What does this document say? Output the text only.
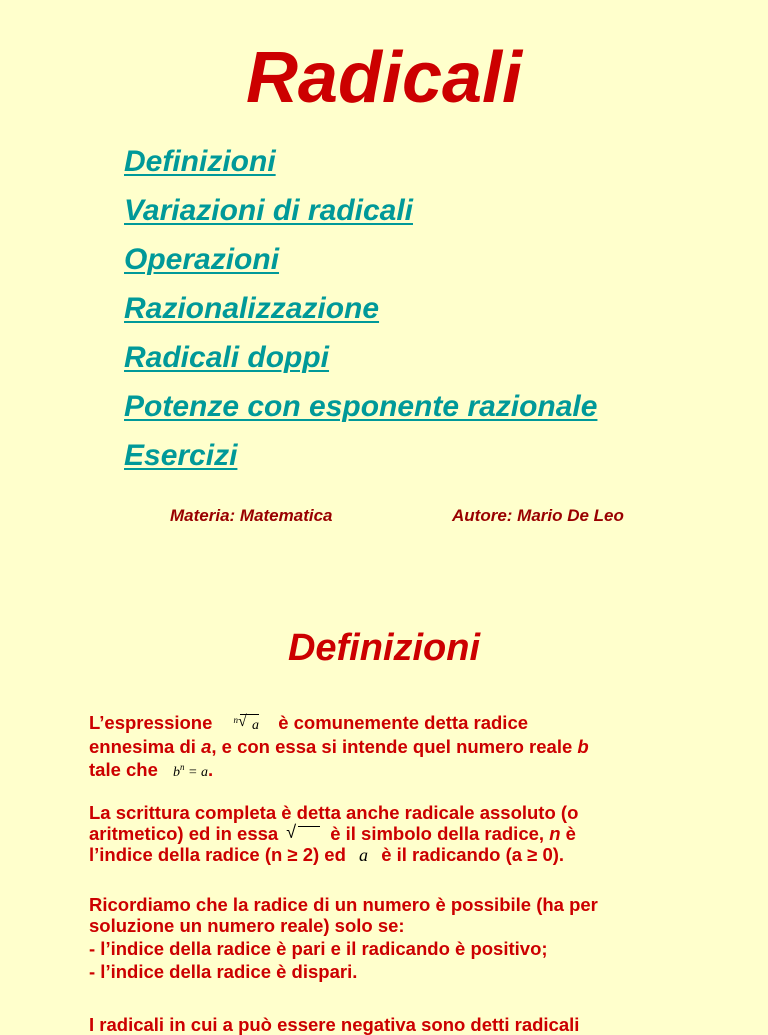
Radicali
Definizioni
Variazioni di radicali
Operazioni
Razionalizzazione
Radicali doppi
Potenze con esponente razionale
Esercizi
Materia: Matematica	Autore: Mario De Leo
Definizioni
L’espressione $^n$ √ a è comunemente detta radice
ennesima di a, e con essa si intende quel numero reale b
tale che $b^n = a$.
La scrittura completa è detta anche radicale assoluto (o
aritmetico) ed in essa √	è il simbolo della radice, n è
l’indice della radice (n ≥ 2) ed a è il radicando (a ≥ 0).
Ricordiamo che la radice di un numero è possibile (ha per
soluzione un numero reale) solo se:
- l’indice della radice è pari e il radicando è positivo;
- l’indice della radice è dispari.
I radicali in cui a può essere negativa sono detti radicali
